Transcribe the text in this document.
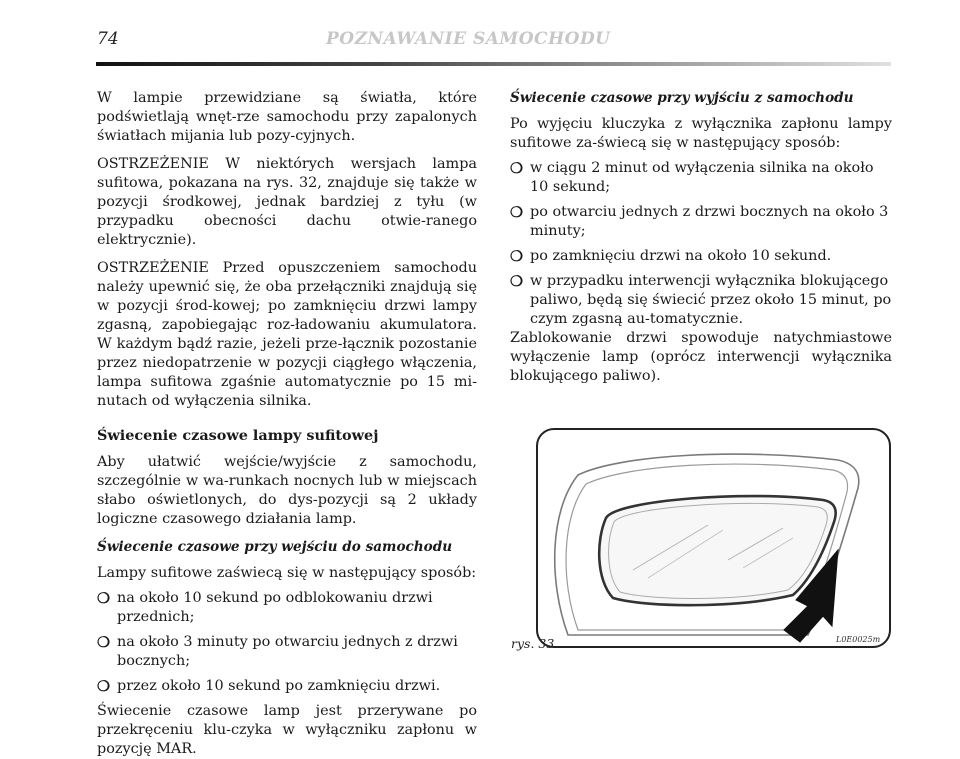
74	POZNAWANIE SAMOCHODU

W lampie przewidziane są światła, które podświetlają wnęt-rze samochodu przy zapalonych światłach mijania lub pozy-cyjnych.

OSTRZEŻENIE W niektórych wersjach lampa sufitowa, pokazana na rys. 32, znajduje się także w pozycji środkowej, jednak bardziej z tyłu (w przypadku obecności dachu otwie-ranego elektrycznie).

OSTRZEŻENIE Przed opuszczeniem samochodu należy upewnić się, że oba przełączniki znajdują się w pozycji środ-kowej; po zamknięciu drzwi lampy zgasną, zapobiegając roz-ładowaniu akumulatora. W każdym bądź razie, jeżeli prze-łącznik pozostanie przez niedopatrzenie w pozycji ciągłego włączenia, lampa sufitowa zgaśnie automatycznie po 15 mi-nutach od wyłączenia silnika.

Świecenie czasowe lampy sufitowej

Aby ułatwić wejście/wyjście z samochodu, szczególnie w wa-runkach nocnych lub w miejscach słabo oświetlonych, do dys-pozycji są 2 układy logiczne czasowego działania lamp.

Świecenie czasowe przy wejściu do samochodu

Lampy sufitowe zaświecą się w następujący sposób:

❍ na około 10 sekund po odblokowaniu drzwi przednich;
❍ na około 3 minuty po otwarciu jednych z drzwi bocznych;
❍ przez około 10 sekund po zamknięciu drzwi.

Świecenie czasowe lamp jest przerywane po przekręceniu klu-czyka w wyłączniku zapłonu w pozycję MAR.

Świecenie czasowe przy wyjściu z samochodu

Po wyjęciu kluczyka z wyłącznika zapłonu lampy sufitowe za-świecą się w następujący sposób:

❍ w ciągu 2 minut od wyłączenia silnika na około 10 sekund;
❍ po otwarciu jednych z drzwi bocznych na około 3 minuty;
❍ po zamknięciu drzwi na około 10 sekund.
❍ w przypadku interwencji wyłącznika blokującego paliwo, będą się świecić przez około 15 minut, po czym zgasną au-tomatycznie.

Zablokowanie drzwi spowoduje natychmiastowe wyłączenie lamp (oprócz interwencji wyłącznika blokującego paliwo).

rys. 33	L0E0025m
